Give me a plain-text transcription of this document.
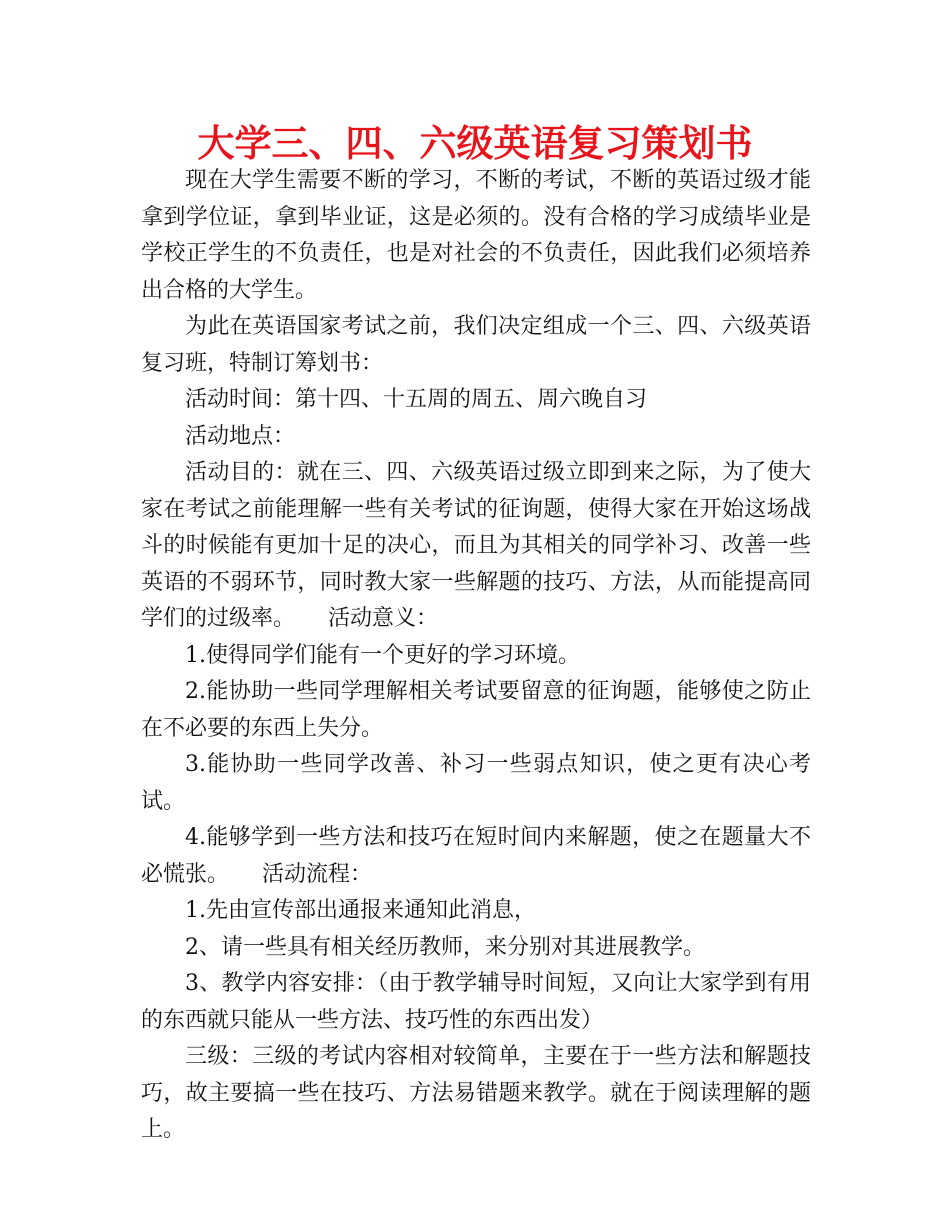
大学三、四、六级英语复习策划书

现在大学生需要不断的学习，不断的考试，不断的英语过级才能拿到学位证，拿到毕业证，这是必须的。没有合格的学习成绩毕业是学校正学生的不负责任，也是对社会的不负责任，因此我们必须培养出合格的大学生。

为此在英语国家考试之前，我们决定组成一个三、四、六级英语复习班，特制订筹划书：

活动时间：第十四、十五周的周五、周六晚自习

活动地点：

活动目的：就在三、四、六级英语过级立即到来之际，为了使大家在考试之前能理解一些有关考试的征询题，使得大家在开始这场战斗的时候能有更加十足的决心，而且为其相关的同学补习、改善一些英语的不弱环节，同时教大家一些解题的技巧、方法，从而能提高同学们的过级率。　　活动意义：

1.使得同学们能有一个更好的学习环境。

2.能协助一些同学理解相关考试要留意的征询题，能够使之防止在不必要的东西上失分。

3.能协助一些同学改善、补习一些弱点知识，使之更有决心考试。

4.能够学到一些方法和技巧在短时间内来解题，使之在题量大不必慌张。　　活动流程：

1.先由宣传部出通报来通知此消息，

2、请一些具有相关经历教师，来分别对其进展教学。

3、教学内容安排：（由于教学辅导时间短，又向让大家学到有用的东西就只能从一些方法、技巧性的东西出发）

三级：三级的考试内容相对较简单，主要在于一些方法和解题技巧，故主要搞一些在技巧、方法易错题来教学。就在于阅读理解的题上。
